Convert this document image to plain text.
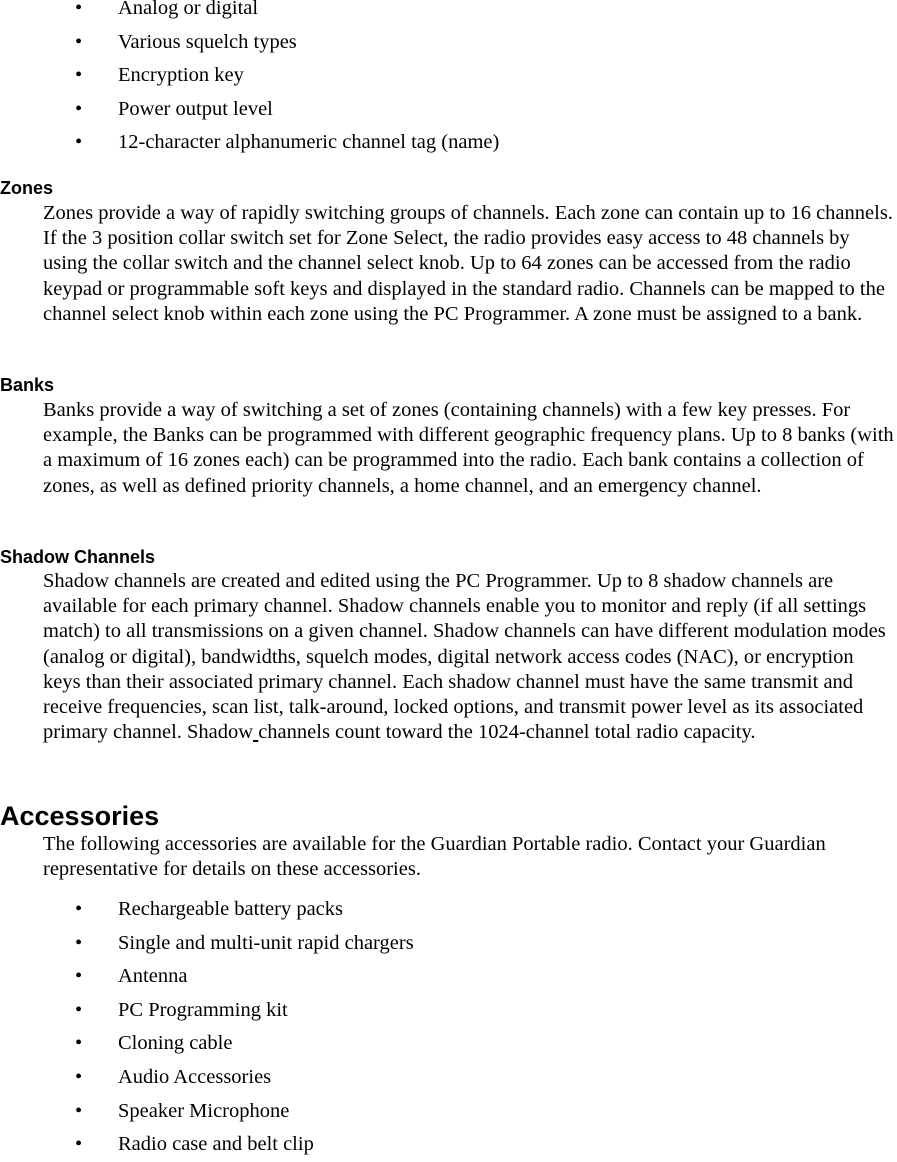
• Analog or digital
• Various squelch types
• Encryption key
• Power output level
• 12-character alphanumeric channel tag (name)
Zones

Zones provide a way of rapidly switching groups of channels. Each zone can contain up to 16 channels. If the 3 position collar switch set for Zone Select, the radio provides easy access to 48 channels by using the collar switch and the channel select knob. Up to 64 zones can be accessed from the radio keypad or programmable soft keys and displayed in the standard radio. Channels can be mapped to the channel select knob within each zone using the PC Programmer. A zone must be assigned to a bank.

Banks

Banks provide a way of switching a set of zones (containing channels) with a few key presses. For example, the Banks can be programmed with different geographic frequency plans. Up to 8 banks (with a maximum of 16 zones each) can be programmed into the radio. Each bank contains a collection of zones, as well as defined priority channels, a home channel, and an emergency channel.

Shadow Channels

Shadow channels are created and edited using the PC Programmer. Up to 8 shadow channels are available for each primary channel. Shadow channels enable you to monitor and reply (if all settings match) to all transmissions on a given channel. Shadow channels can have different modulation modes (analog or digital), bandwidths, squelch modes, digital network access codes (NAC), or encryption keys than their associated primary channel. Each shadow channel must have the same transmit and receive frequencies, scan list, talk-around, locked options, and transmit power level as its associated primary channel. Shadow channels count toward the 1024-channel total radio capacity.

Accessories

The following accessories are available for the Guardian Portable radio. Contact your Guardian representative for details on these accessories.

• Rechargeable battery packs
• Single and multi-unit rapid chargers
• Antenna
• PC Programming kit
• Cloning cable
• Audio Accessories
• Speaker Microphone
• Radio case and belt clip
